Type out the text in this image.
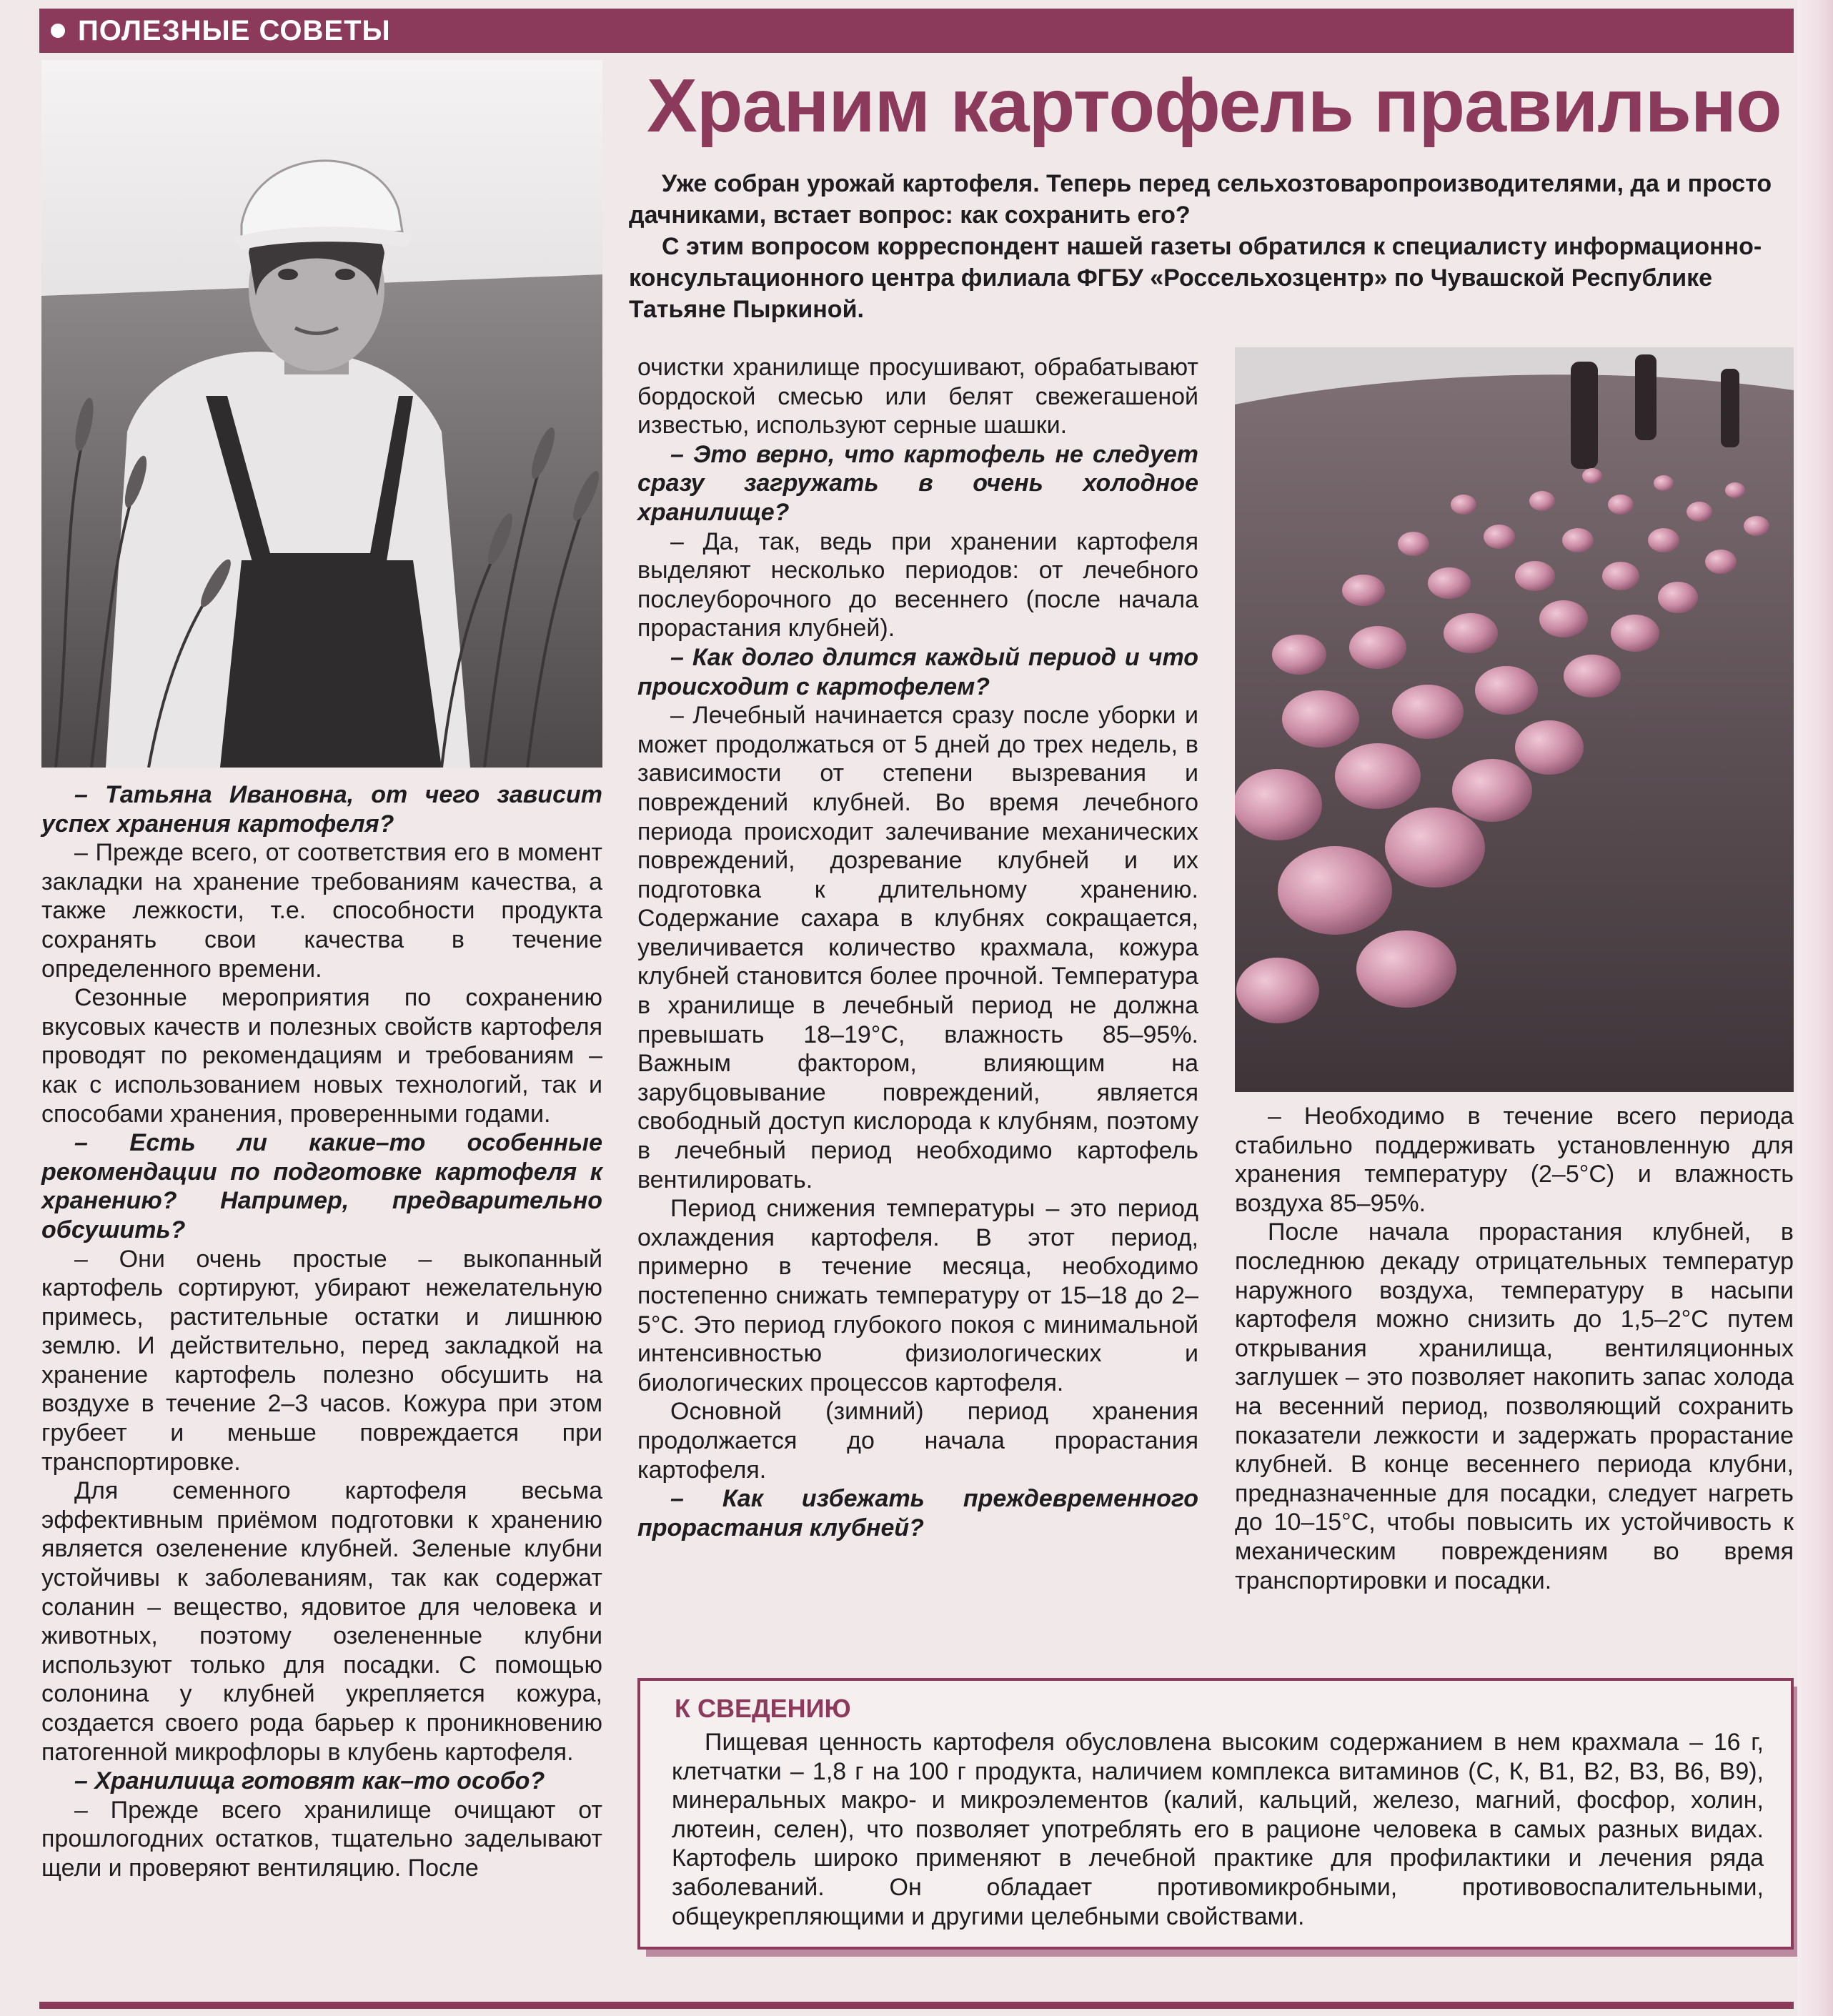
ПОЛЕЗНЫЕ СОВЕТЫ
Храним картофель правильно

Уже собран урожай картофеля. Теперь перед сельхозтоваропроизводителями, да и просто дачниками, встает вопрос: как сохранить его?

С этим вопросом корреспондент нашей газеты обратился к специалисту информационно-консультационного центра филиала ФГБУ «Россельхозцентр» по Чувашской Республике Татьяне Пыркиной.

– Татьяна Ивановна, от чего зависит успех хранения картофеля?

– Прежде всего, от соответствия его в момент закладки на хранение требованиям качества, а также лежкости, т.е. способности продукта сохранять свои качества в течение определенного времени.

Сезонные мероприятия по сохранению вкусовых качеств и полезных свойств картофеля проводят по рекомендациям и требованиям – как с использованием новых технологий, так и способами хранения, проверенными годами.

– Есть ли какие–то особенные рекомендации по подготовке картофеля к хранению? Например, предварительно обсушить?

– Они очень простые – выкопанный картофель сортируют, убирают нежелательную примесь, растительные остатки и лишнюю землю. И действительно, перед закладкой на хранение картофель полезно обсушить на воздухе в течение 2–3 часов. Кожура при этом грубеет и меньше повреждается при транспортировке.

Для семенного картофеля весьма эффективным приёмом подготовки к хранению является озеленение клубней. Зеленые клубни устойчивы к заболеваниям, так как содержат соланин – вещество, ядовитое для человека и животных, поэтому озелененные клубни используют только для посадки. С помощью солонина у клубней укрепляется кожура, создается своего рода барьер к проникновению патогенной микрофлоры в клубень картофеля.

– Хранилища готовят как–то особо?

– Прежде всего хранилище очищают от прошлогодних остатков, тщательно заделывают щели и проверяют вентиляцию. После

очистки хранилище просушивают, обрабатывают бордоской смесью или белят свежегашеной известью, используют серные шашки.

– Это верно, что картофель не следует сразу загружать в очень холодное хранилище?

– Да, так, ведь при хранении картофеля выделяют несколько периодов: от лечебного послеуборочного до весеннего (после начала прорастания клубней).

– Как долго длится каждый период и что происходит с картофелем?

– Лечебный начинается сразу после уборки и может продолжаться от 5 дней до трех недель, в зависимости от степени вызревания и повреждений клубней. Во время лечебного периода происходит залечивание механических повреждений, дозревание клубней и их подготовка к длительному хранению. Содержание сахара в клубнях сокращается, увеличивается количество крахмала, кожура клубней становится более прочной. Температура в хранилище в лечебный период не должна превышать 18–19°С, влажность 85–95%. Важным фактором, влияющим на зарубцовывание повреждений, является свободный доступ кислорода к клубням, поэтому в лечебный период необходимо картофель вентилировать.

Период снижения температуры – это период охлаждения картофеля. В этот период, примерно в течение месяца, необходимо постепенно снижать температуру от 15–18 до 2–5°С. Это период глубокого покоя с минимальной интенсивностью физиологических и биологических процессов картофеля.

Основной (зимний) период хранения продолжается до начала прорастания картофеля.

– Как избежать преждевременного прорастания клубней?

– Необходимо в течение всего периода стабильно поддерживать установленную для хранения температуру (2–5°С) и влажность воздуха 85–95%.

После начала прорастания клубней, в последнюю декаду отрицательных температур наружного воздуха, температуру в насыпи картофеля можно снизить до 1,5–2°С путем открывания хранилища, вентиляционных заглушек – это позволяет накопить запас холода на весенний период, позволяющий сохранить показатели лежкости и задержать прорастание клубней. В конце весеннего периода клубни, предназначенные для посадки, следует нагреть до 10–15°С, чтобы повысить их устойчивость к механическим повреждениям во время транспортировки и посадки.

К СВЕДЕНИЮ

Пищевая ценность картофеля обусловлена высоким содержанием в нем крахмала – 16 г, клетчатки – 1,8 г на 100 г продукта, наличием комплекса витаминов (С, К, В1, В2, В3, В6, В9), минеральных макро- и микроэлементов (калий, кальций, железо, магний, фосфор, холин, лютеин, селен), что позволяет употреблять его в рационе человека в самых разных видах. Картофель широко применяют в лечебной практике для профилактики и лечения ряда заболеваний. Он обладает противомикробными, противовоспалительными, общеукрепляющими и другими целебными свойствами.
